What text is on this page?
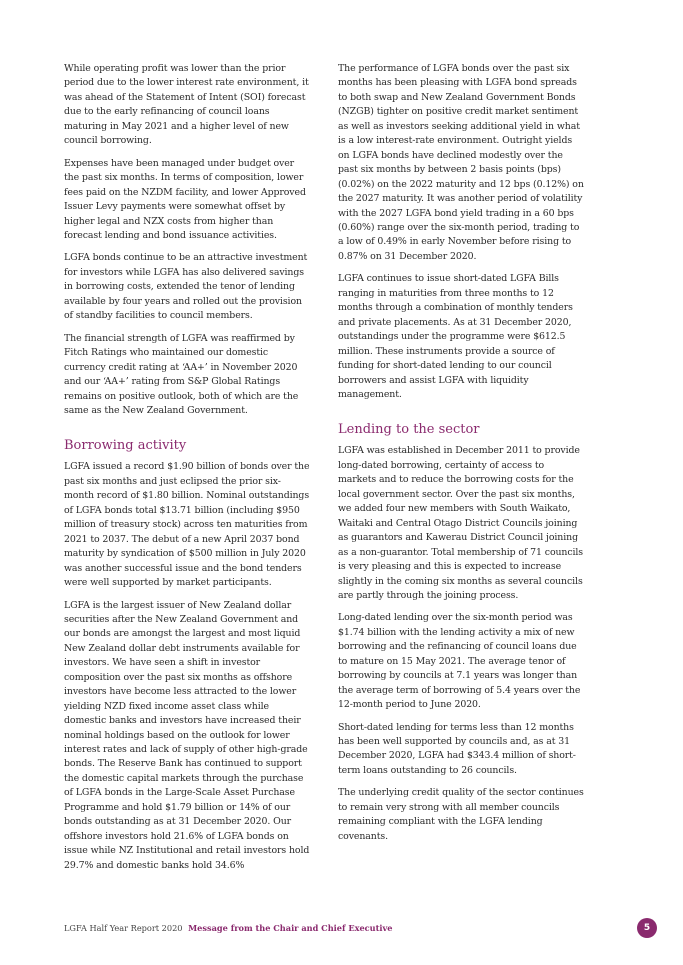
While operating profit was lower than the prior period due to the lower interest rate environment, it was ahead of the Statement of Intent (SOI) forecast due to the early refinancing of council loans maturing in May 2021 and a higher level of new council borrowing.

Expenses have been managed under budget over the past six months. In terms of composition, lower fees paid on the NZDM facility, and lower Approved Issuer Levy payments were somewhat offset by higher legal and NZX costs from higher than forecast lending and bond issuance activities.

LGFA bonds continue to be an attractive investment for investors while LGFA has also delivered savings in borrowing costs, extended the tenor of lending available by four years and rolled out the provision of standby facilities to council members.

The financial strength of LGFA was reaffirmed by Fitch Ratings who maintained our domestic currency credit rating at ‘AA+’ in November 2020 and our ‘AA+’ rating from S&P Global Ratings remains on positive outlook, both of which are the same as the New Zealand Government.

Borrowing activity

LGFA issued a record $1.90 billion of bonds over the past six months and just eclipsed the prior six-month record of $1.80 billion. Nominal outstandings of LGFA bonds total $13.71 billion (including $950 million of treasury stock) across ten maturities from 2021 to 2037. The debut of a new April 2037 bond maturity by syndication of $500 million in July 2020 was another successful issue and the bond tenders were well supported by market participants.

LGFA is the largest issuer of New Zealand dollar securities after the New Zealand Government and our bonds are amongst the largest and most liquid New Zealand dollar debt instruments available for investors. We have seen a shift in investor composition over the past six months as offshore investors have become less attracted to the lower yielding NZD fixed income asset class while domestic banks and investors have increased their nominal holdings based on the outlook for lower interest rates and lack of supply of other high-grade bonds. The Reserve Bank has continued to support the domestic capital markets through the purchase of LGFA bonds in the Large-Scale Asset Purchase Programme and hold $1.79 billion or 14% of our bonds outstanding as at 31 December 2020. Our offshore investors hold 21.6% of LGFA bonds on issue while NZ Institutional and retail investors hold 29.7% and domestic banks hold 34.6%

The performance of LGFA bonds over the past six months has been pleasing with LGFA bond spreads to both swap and New Zealand Government Bonds (NZGB) tighter on positive credit market sentiment as well as investors seeking additional yield in what is a low interest-rate environment. Outright yields on LGFA bonds have declined modestly over the past six months by between 2 basis points (bps) (0.02%) on the 2022 maturity and 12 bps (0.12%) on the 2027 maturity. It was another period of volatility with the 2027 LGFA bond yield trading in a 60 bps (0.60%) range over the six-month period, trading to a low of 0.49% in early November before rising to 0.87% on 31 December 2020.

LGFA continues to issue short-dated LGFA Bills ranging in maturities from three months to 12 months through a combination of monthly tenders and private placements. As at 31 December 2020, outstandings under the programme were $612.5 million. These instruments provide a source of funding for short-dated lending to our council borrowers and assist LGFA with liquidity management.

Lending to the sector

LGFA was established in December 2011 to provide long-dated borrowing, certainty of access to markets and to reduce the borrowing costs for the local government sector. Over the past six months, we added four new members with South Waikato, Waitaki and Central Otago District Councils joining as guarantors and Kawerau District Council joining as a non-guarantor. Total membership of 71 councils is very pleasing and this is expected to increase slightly in the coming six months as several councils are partly through the joining process.

Long-dated lending over the six-month period was $1.74 billion with the lending activity a mix of new borrowing and the refinancing of council loans due to mature on 15 May 2021. The average tenor of borrowing by councils at 7.1 years was longer than the average term of borrowing of 5.4 years over the 12-month period to June 2020.

Short-dated lending for terms less than 12 months has been well supported by councils and, as at 31 December 2020, LGFA had $343.4 million of short-term loans outstanding to 26 councils.

The underlying credit quality of the sector continues to remain very strong with all member councils remaining compliant with the LGFA lending covenants.

LGFA Half Year Report 2020 Message from the Chair and Chief Executive	5
